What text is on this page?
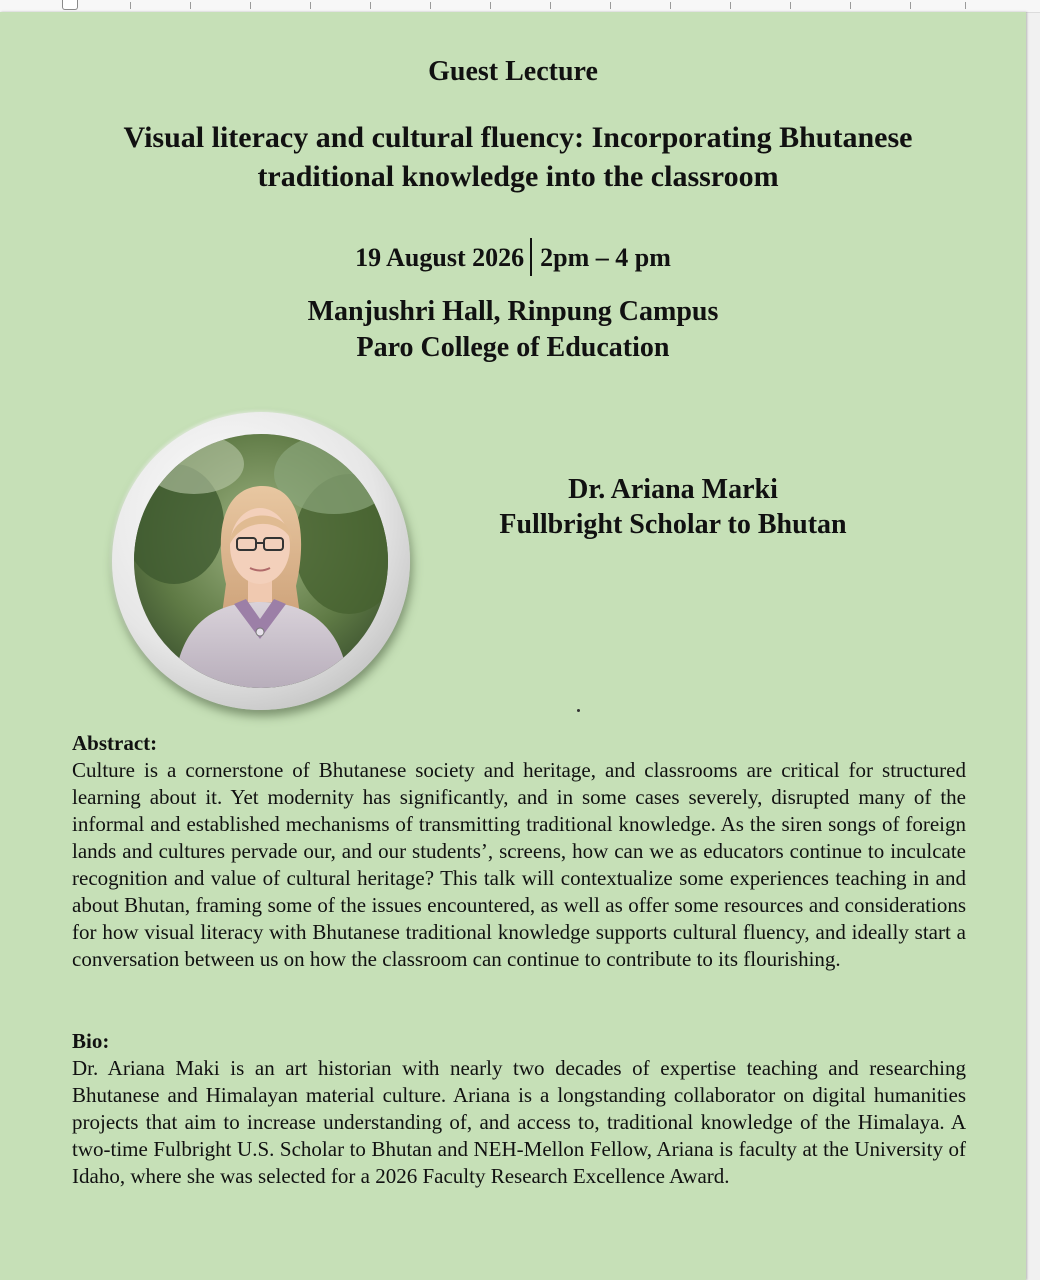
Guest Lecture
Visual literacy and cultural fluency: Incorporating Bhutanese traditional knowledge into the classroom
19 August 2026 2pm – 4 pm
Manjushri Hall, Rinpung Campus
Paro College of Education
Dr. Ariana Marki
Fullbright Scholar to Bhutan
Abstract:
Culture is a cornerstone of Bhutanese society and heritage, and classrooms are critical for structured learning about it. Yet modernity has significantly, and in some cases severely, disrupted many of the informal and established mechanisms of transmitting traditional knowledge. As the siren songs of foreign lands and cultures pervade our, and our students’, screens, how can we as educators continue to inculcate recognition and value of cultural heritage? This talk will contextualize some experiences teaching in and about Bhutan, framing some of the issues encountered, as well as offer some resources and considerations for how visual literacy with Bhutanese traditional knowledge supports cultural fluency, and ideally start a conversation between us on how the classroom can continue to contribute to its flourishing.
Bio:
Dr. Ariana Maki is an art historian with nearly two decades of expertise teaching and researching Bhutanese and Himalayan material culture. Ariana is a longstanding collaborator on digital humanities projects that aim to increase understanding of, and access to, traditional knowledge of the Himalaya. A two-time Fulbright U.S. Scholar to Bhutan and NEH-Mellon Fellow, Ariana is faculty at the University of Idaho, where she was selected for a 2026 Faculty Research Excellence Award.
